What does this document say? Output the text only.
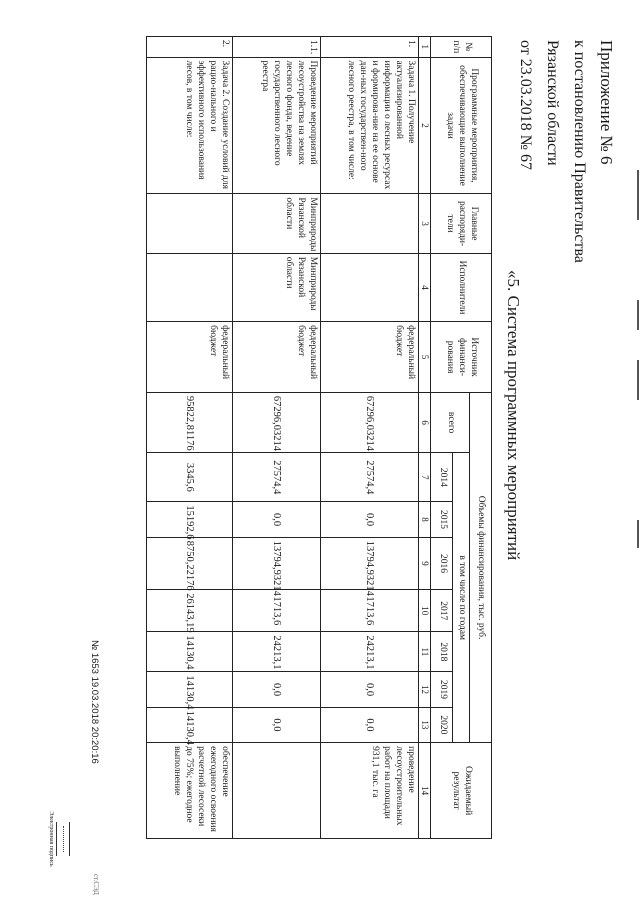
Приложение № 6
к постановлению Правительства
Рязанской области
от 23.03.2018 № 67
«5. Система программных мероприятий
№ п/п	Программные мероприятия, обеспечивающие выполнение задачи	Главные распоряди-тели	Исполнители	Источник финанси-рования	Объемы финансирования, тыс. руб.								Ожидаемый результат
					всего	в том числе по годам							
						2014	2015	2016	2017	2018	2019	2020	
1	2	3	4	5	6	7	8	9	10	11	12	13	14
1.	Задача 1. Получение актуализированной информации о лесных ресурсах и формирова-ние на ее основе дан-ных государствен-ного лесного реестра, в том числе:			федеральный бюджет	67296,03214	27574,4	0,0	13794,93214	1713,6	24213,1	0,0	0,0	проведение лесоустроительных работ на площади 931,1 тыс. га
1.1.	Проведение мероприятий лесоустройства на землях лесного фонда, ведение государственного лесного реестра	Минприроды Рязанской области	Минприроды Рязанской области	федеральный бюджет	67296,03214	27574,4	0,0	13794,93214	1713,6	24213,1	0,0	0,0	
2.	Задача 2. Создание условий для рацио-нального и эффективного использования лесов, в том числе:			федеральный бюджет	95822,81176	3345,6	15192,6	8750,22176	26143,19	14130,4	14130,4	14130,4	обеспечение ежегодного освоения расчетной лесосеки до 75%; ежегодное выполнение
Электронная подпись
№ 1653 19.03.2018 20:20:16
ст.СЭД
